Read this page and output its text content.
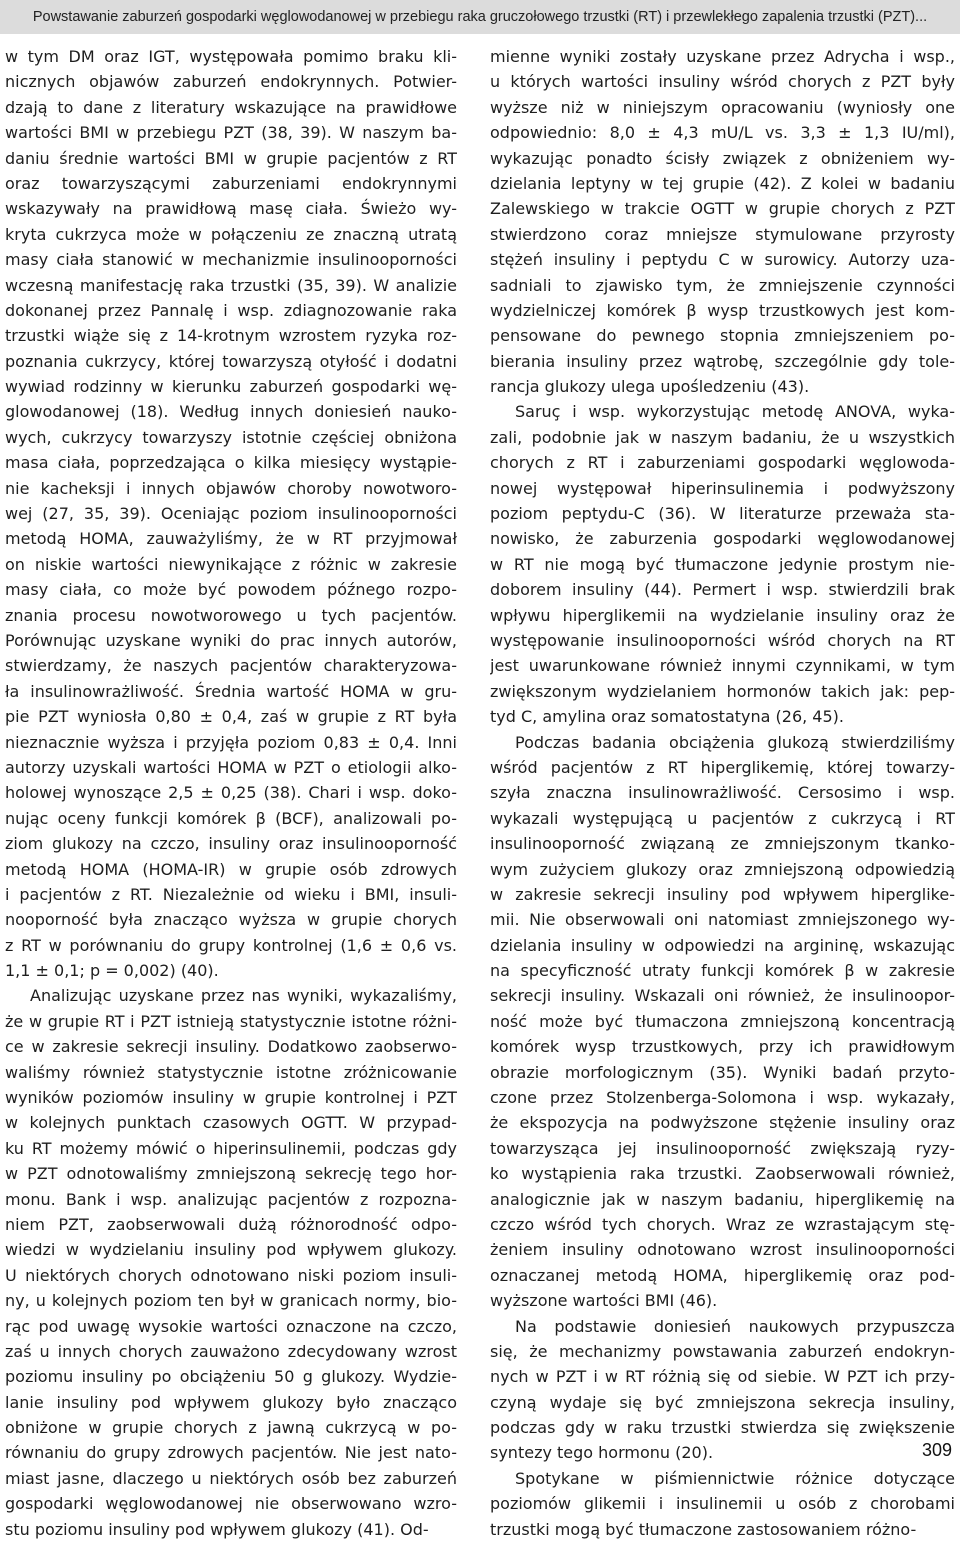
Powstawanie zaburzeń gospodarki węglowodanowej w przebiegu raka gruczołowego trzustki (RT) i przewlekłego zapalenia trzustki (PZT)...
w tym DM oraz IGT, występowała pomimo braku kli-
nicznych objawów zaburzeń endokrynnych. Potwier-
dzają to dane z literatury wskazujące na prawidłowe
wartości BMI w przebiegu PZT (38, 39). W naszym ba-
daniu średnie wartości BMI w grupie pacjentów z RT
oraz towarzyszącymi zaburzeniami endokrynnymi
wskazywały na prawidłową masę ciała. Świeżo wy-
kryta cukrzyca może w połączeniu ze znaczną utratą
masy ciała stanowić w mechanizmie insulinooporności
wczesną manifestację raka trzustki (35, 39). W analizie
dokonanej przez Pannalę i wsp. zdiagnozowanie raka
trzustki wiąże się z 14-krotnym wzrostem ryzyka roz-
poznania cukrzycy, której towarzyszą otyłość i dodatni
wywiad rodzinny w kierunku zaburzeń gospodarki wę-
glowodanowej (18). Według innych doniesień nauko-
wych, cukrzycy towarzyszy istotnie częściej obniżona
masa ciała, poprzedzająca o kilka miesięcy wystąpie-
nie kacheksji i innych objawów choroby nowotworo-
wej (27, 35, 39). Oceniając poziom insulinooporności
metodą HOMA, zauważyliśmy, że w RT przyjmował
on niskie wartości niewynikające z różnic w zakresie
masy ciała, co może być powodem późnego rozpo-
znania procesu nowotworowego u tych pacjentów.
Porównując uzyskane wyniki do prac innych autorów,
stwierdzamy, że naszych pacjentów charakteryzowa-
ła insulinowrażliwość. Średnia wartość HOMA w gru-
pie PZT wyniosła 0,80 ± 0,4, zaś w grupie z RT była
nieznacznie wyższa i przyjęła poziom 0,83 ± 0,4. Inni
autorzy uzyskali wartości HOMA w PZT o etiologii alko-
holowej wynoszące 2,5 ± 0,25 (38). Chari i wsp. doko-
nując oceny funkcji komórek β (BCF), analizowali po-
ziom glukozy na czczo, insuliny oraz insulinooporność
metodą HOMA (HOMA-IR) w grupie osób zdrowych
i pacjentów z RT. Niezależnie od wieku i BMI, insuli-
nooporność była znacząco wyższa w grupie chorych
z RT w porównaniu do grupy kontrolnej (1,6 ± 0,6 vs.
1,1 ± 0,1; p = 0,002) (40).
Analizując uzyskane przez nas wyniki, wykazaliśmy,
że w grupie RT i PZT istnieją statystycznie istotne różni-
ce w zakresie sekrecji insuliny. Dodatkowo zaobserwo-
waliśmy również statystycznie istotne zróżnicowanie
wyników poziomów insuliny w grupie kontrolnej i PZT
w kolejnych punktach czasowych OGTT. W przypad-
ku RT możemy mówić o hiperinsulinemii, podczas gdy
w PZT odnotowaliśmy zmniejszoną sekrecję tego hor-
monu. Bank i wsp. analizując pacjentów z rozpozna-
niem PZT, zaobserwowali dużą różnorodność odpo-
wiedzi w wydzielaniu insuliny pod wpływem glukozy.
U niektórych chorych odnotowano niski poziom insuli-
ny, u kolejnych poziom ten był w granicach normy, bio-
rąc pod uwagę wysokie wartości oznaczone na czczo,
zaś u innych chorych zauważono zdecydowany wzrost
poziomu insuliny po obciążeniu 50 g glukozy. Wydzie-
lanie insuliny pod wpływem glukozy było znacząco
obniżone w grupie chorych z jawną cukrzycą w po-
równaniu do grupy zdrowych pacjentów. Nie jest nato-
miast jasne, dlaczego u niektórych osób bez zaburzeń
gospodarki węglowodanowej nie obserwowano wzro-
stu poziomu insuliny pod wpływem glukozy (41). Od-
mienne wyniki zostały uzyskane przez Adrycha i wsp.,
u których wartości insuliny wśród chorych z PZT były
wyższe niż w niniejszym opracowaniu (wyniosły one
odpowiednio: 8,0 ± 4,3 mU/L vs. 3,3 ± 1,3 IU/ml),
wykazując ponadto ścisły związek z obniżeniem wy-
dzielania leptyny w tej grupie (42). Z kolei w badaniu
Zalewskiego w trakcie OGTT w grupie chorych z PZT
stwierdzono coraz mniejsze stymulowane przyrosty
stężeń insuliny i peptydu C w surowicy. Autorzy uza-
sadniali to zjawisko tym, że zmniejszenie czynności
wydzielniczej komórek β wysp trzustkowych jest kom-
pensowane do pewnego stopnia zmniejszeniem po-
bierania insuliny przez wątrobę, szczególnie gdy tole-
rancja glukozy ulega upośledzeniu (43).
Saruç i wsp. wykorzystując metodę ANOVA, wyka-
zali, podobnie jak w naszym badaniu, że u wszystkich
chorych z RT i zaburzeniami gospodarki węglowoda-
nowej występował hiperinsulinemia i podwyższony
poziom peptydu-C (36). W literaturze przeważa sta-
nowisko, że zaburzenia gospodarki węglowodanowej
w RT nie mogą być tłumaczone jedynie prostym nie-
doborem insuliny (44). Permert i wsp. stwierdzili brak
wpływu hiperglikemii na wydzielanie insuliny oraz że
występowanie insulinooporności wśród chorych na RT
jest uwarunkowane również innymi czynnikami, w tym
zwiększonym wydzielaniem hormonów takich jak: pep-
tyd C, amylina oraz somatostatyna (26, 45).
Podczas badania obciążenia glukozą stwierdziliśmy
wśród pacjentów z RT hiperglikemię, której towarzy-
szyła znaczna insulinowrażliwość. Cersosimo i wsp.
wykazali występującą u pacjentów z cukrzycą i RT
insulinooporność związaną ze zmniejszonym tkanko-
wym zużyciem glukozy oraz zmniejszoną odpowiedzią
w zakresie sekrecji insuliny pod wpływem hiperglike-
mii. Nie obserwowali oni natomiast zmniejszonego wy-
dzielania insuliny w odpowiedzi na argininę, wskazując
na specyficzność utraty funkcji komórek β w zakresie
sekrecji insuliny. Wskazali oni również, że insulinoopor-
ność może być tłumaczona zmniejszoną koncentracją
komórek wysp trzustkowych, przy ich prawidłowym
obrazie morfologicznym (35). Wyniki badań przyto-
czone przez Stolzenberga-Solomona i wsp. wykazały,
że ekspozycja na podwyższone stężenie insuliny oraz
towarzysząca jej insulinooporność zwiększają ryzy-
ko wystąpienia raka trzustki. Zaobserwowali również,
analogicznie jak w naszym badaniu, hiperglikemię na
czczo wśród tych chorych. Wraz ze wzrastającym stę-
żeniem insuliny odnotowano wzrost insulinooporności
oznaczanej metodą HOMA, hiperglikemię oraz pod-
wyższone wartości BMI (46).
Na podstawie doniesień naukowych przypuszcza
się, że mechanizmy powstawania zaburzeń endokryn-
nych w PZT i w RT różnią się od siebie. W PZT ich przy-
czyną wydaje się być zmniejszona sekrecja insuliny,
podczas gdy w raku trzustki stwierdza się zwiększenie
syntezy tego hormonu (20).
Spotykane w piśmiennictwie różnice dotyczące
poziomów glikemii i insulinemii u osób z chorobami
trzustki mogą być tłumaczone zastosowaniem różno-
309
